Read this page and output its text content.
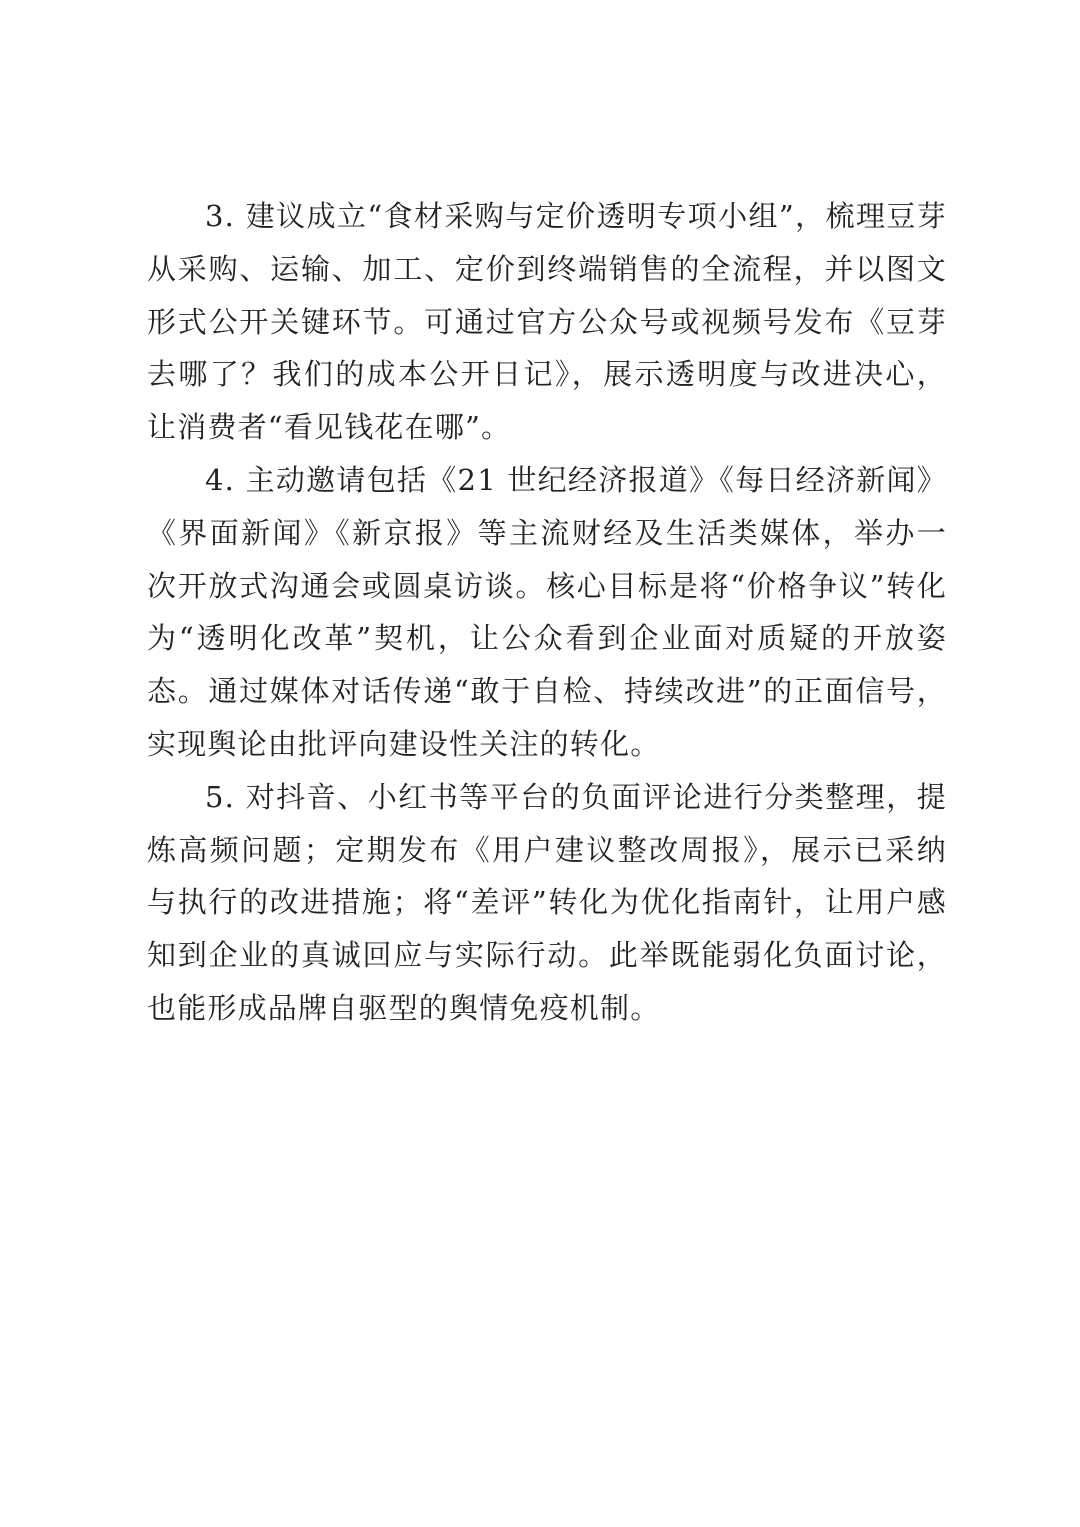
3. 建议成立“食材采购与定价透明专项小组”，梳理豆芽从采购、运输、加工、定价到终端销售的全流程，并以图文形式公开关键环节。可通过官方公众号或视频号发布《豆芽去哪了？我们的成本公开日记》，展示透明度与改进决心，让消费者“看见钱花在哪”。

4. 主动邀请包括《21 世纪经济报道》《每日经济新闻》《界面新闻》《新京报》等主流财经及生活类媒体，举办一次开放式沟通会或圆桌访谈。核心目标是将“价格争议”转化为“透明化改革”契机，让公众看到企业面对质疑的开放姿态。通过媒体对话传递“敢于自检、持续改进”的正面信号，实现舆论由批评向建设性关注的转化。

5. 对抖音、小红书等平台的负面评论进行分类整理，提炼高频问题；定期发布《用户建议整改周报》，展示已采纳与执行的改进措施；将“差评”转化为优化指南针，让用户感知到企业的真诚回应与实际行动。此举既能弱化负面讨论，也能形成品牌自驱型的舆情免疫机制。
